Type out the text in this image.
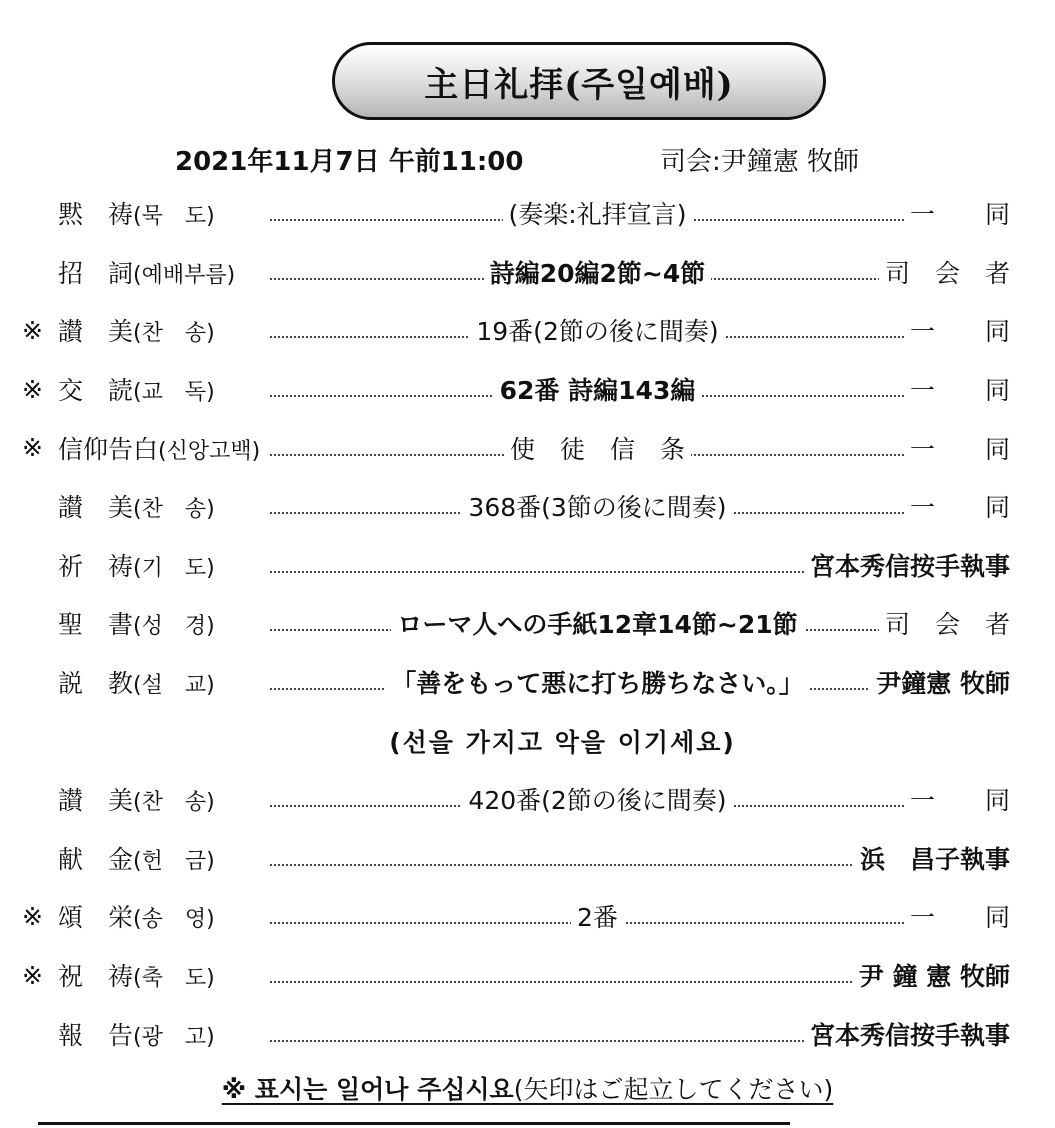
主日礼拝(주일예배)
2021年11月7日 午前11:00	司会:尹鐘憲 牧師
黙　祷(묵　도)	(奏楽:礼拝宣言)	一　　同
招　詞(예배부름)	詩編20編2節~4節	司　会　者
※ 讃　美(찬　송)	19番(2節の後に間奏)	一　　同
※ 交　読(교　독)	62番 詩編143編	一　　同
※ 信仰告白(신앙고백)	使　徒　信　条	一　　同
讃　美(찬　송)	368番(3節の後に間奏)	一　　同
祈　祷(기　도)	宮本秀信按手執事
聖　書(성　경)	ローマ人への手紙12章14節~21節	司　会　者
説　教(설　교)	「善をもって悪に打ち勝ちなさい。」	尹鐘憲 牧師
(선을 가지고 악을 이기세요)
讃　美(찬　송)	420番(2節の後に間奏)	一　　同
献　金(헌　금)	浜　昌子執事
※ 頌　栄(송　영)	2番	一　　同
※ 祝　祷(축　도)	尹 鐘 憲 牧師
報　告(광　고)	宮本秀信按手執事
※ 표시는 일어나 주십시요(矢印はご起立してください)
